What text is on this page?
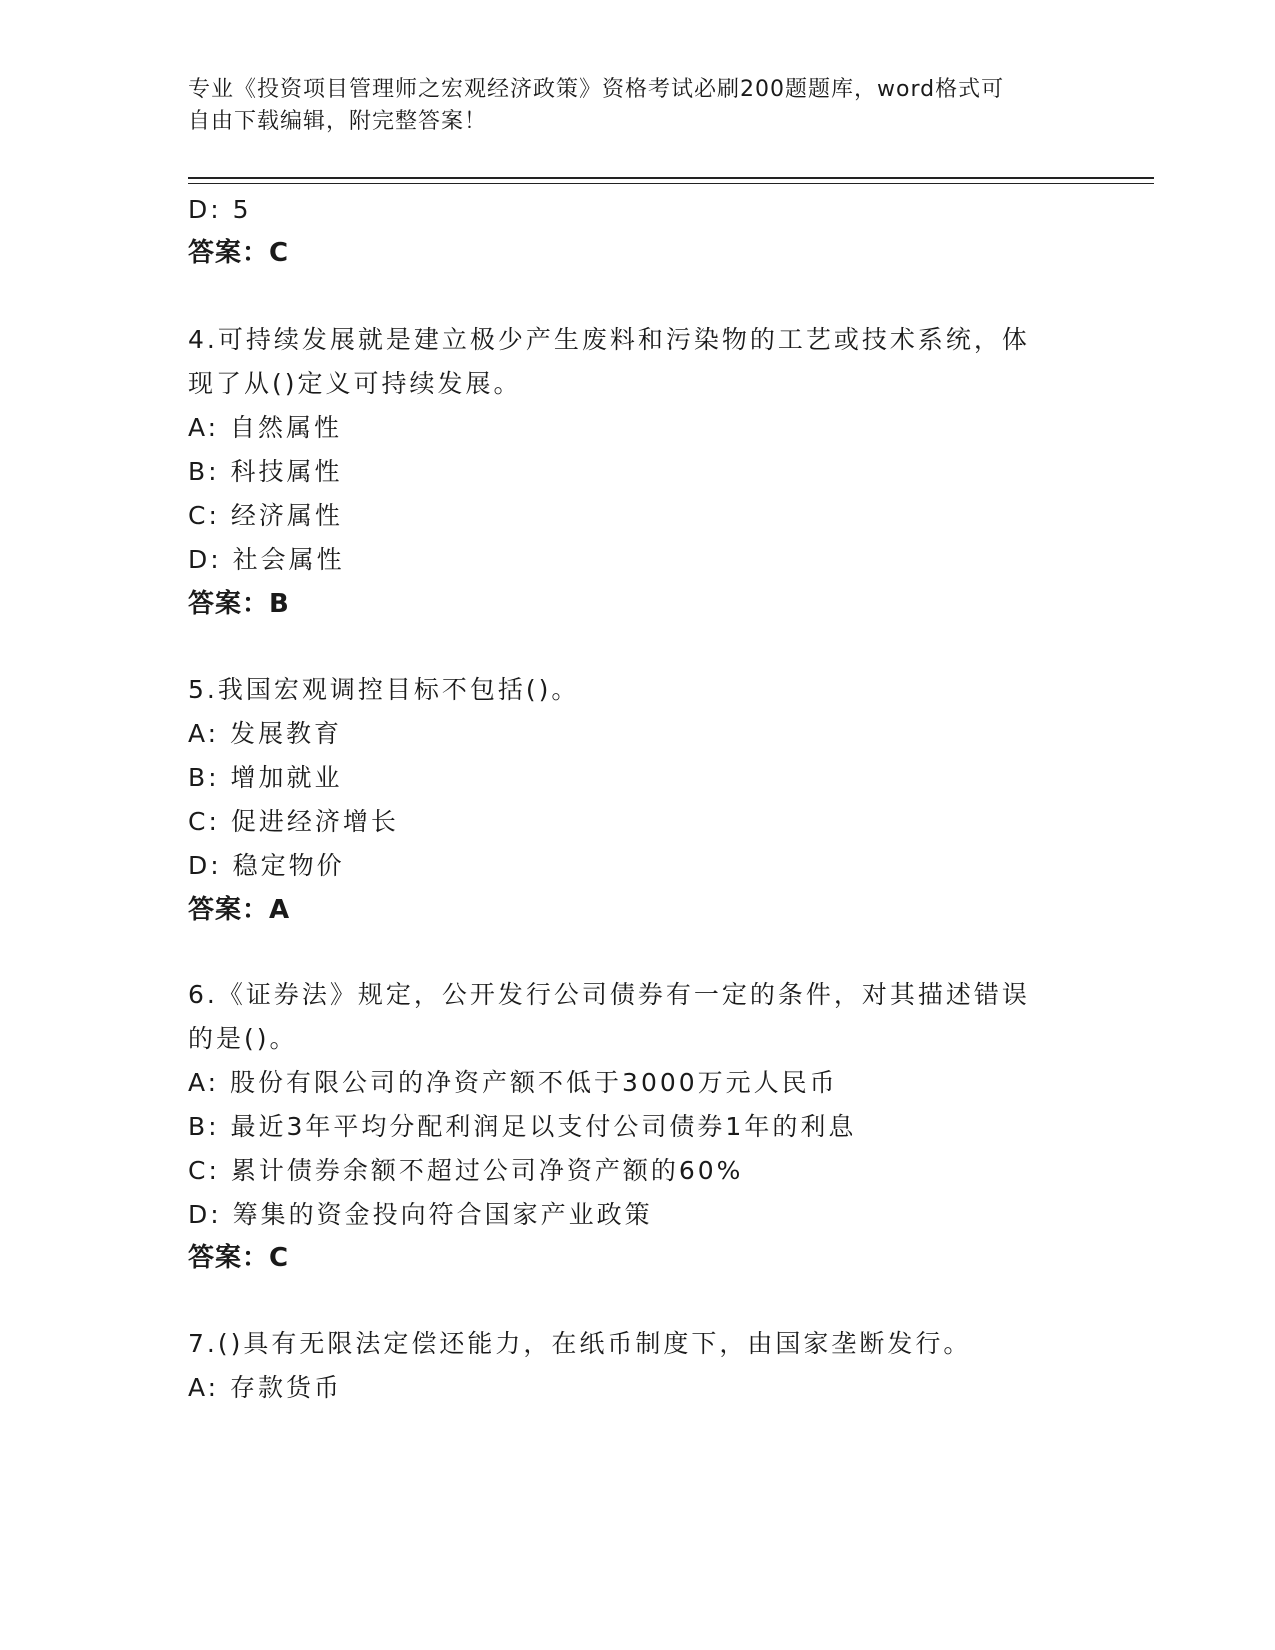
专业《投资项目管理师之宏观经济政策》资格考试必刷200题题库，word格式可
自由下载编辑，附完整答案！
D: 5
答案：C
4.可持续发展就是建立极少产生废料和污染物的工艺或技术系统，体
现了从()定义可持续发展。
A: 自然属性
B: 科技属性
C: 经济属性
D: 社会属性
答案：B
5.我国宏观调控目标不包括()。
A: 发展教育
B: 增加就业
C: 促进经济增长
D: 稳定物价
答案：A
6.《证券法》规定，公开发行公司债券有一定的条件，对其描述错误
的是()。
A: 股份有限公司的净资产额不低于3000万元人民币
B: 最近3年平均分配利润足以支付公司债券1年的利息
C: 累计债券余额不超过公司净资产额的60%
D: 筹集的资金投向符合国家产业政策
答案：C
7.()具有无限法定偿还能力，在纸币制度下，由国家垄断发行。
A: 存款货币
